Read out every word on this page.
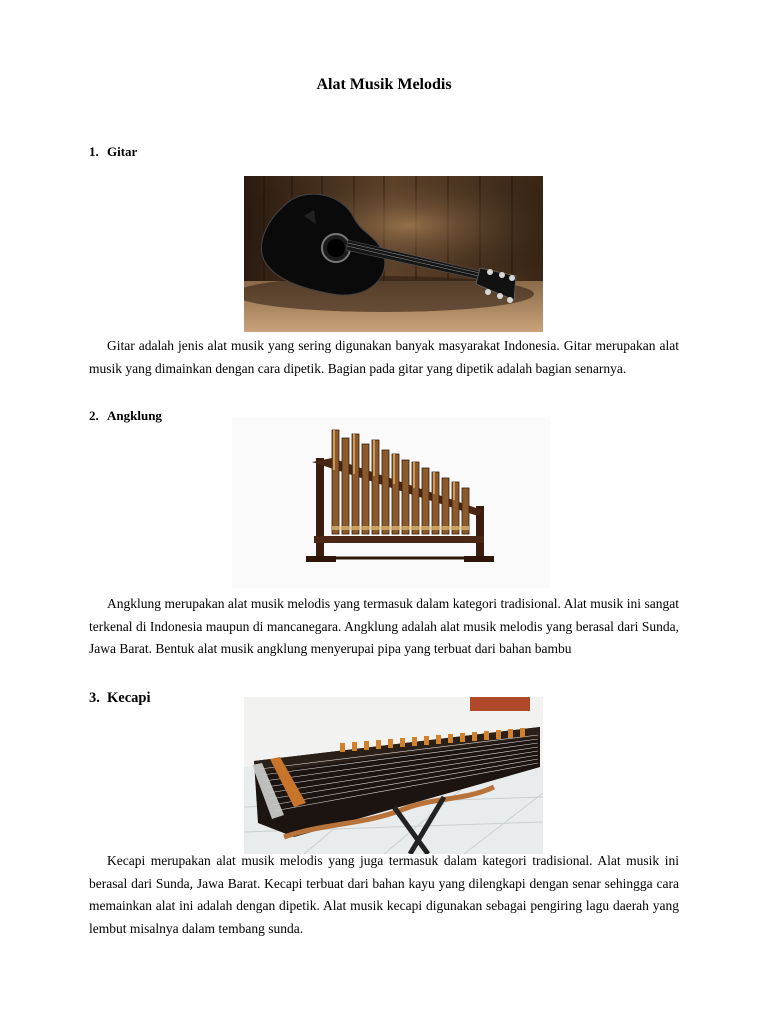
Alat Musik Melodis
1. Gitar
Gitar adalah jenis alat musik yang sering digunakan banyak masyarakat Indonesia. Gitar merupakan alat musik yang dimainkan dengan cara dipetik. Bagian pada gitar yang dipetik adalah bagian senarnya.
2. Angklung
Angklung merupakan alat musik melodis yang termasuk dalam kategori tradisional. Alat musik ini sangat terkenal di Indonesia maupun di mancanegara. Angklung adalah alat musik melodis yang berasal dari Sunda, Jawa Barat. Bentuk alat musik angklung menyerupai pipa yang terbuat dari bahan bambu
3. Kecapi
Kecapi merupakan alat musik melodis yang juga termasuk dalam kategori tradisional. Alat musik ini berasal dari Sunda, Jawa Barat. Kecapi terbuat dari bahan kayu yang dilengkapi dengan senar sehingga cara memainkan alat ini adalah dengan dipetik. Alat musik kecapi digunakan sebagai pengiring lagu daerah yang lembut misalnya dalam tembang sunda.
